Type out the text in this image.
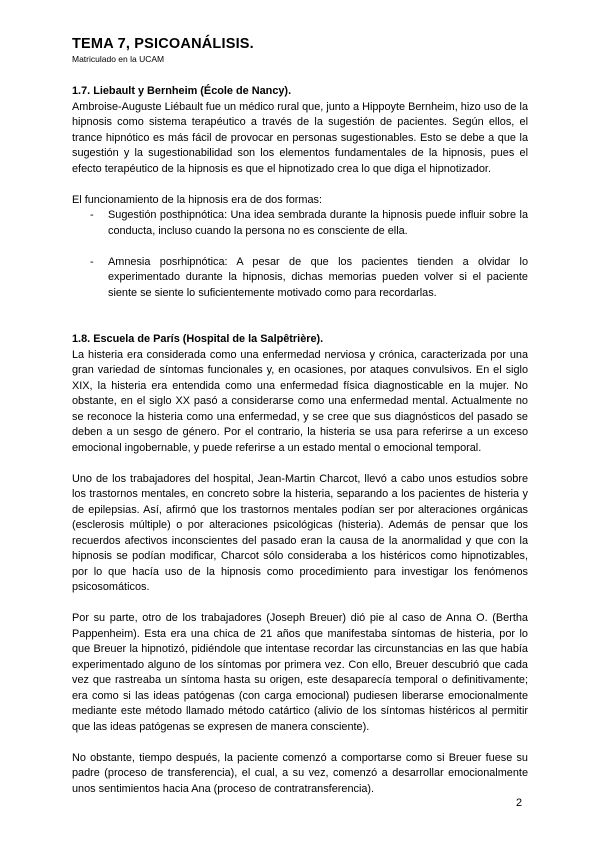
TEMA 7, PSICOANÁLISIS.
Matriculado en la UCAM
1.7. Liebault y Bernheim (École de Nancy).

Ambroise-Auguste Liébault fue un médico rural que, junto a Hippoyte Bernheim, hizo uso de la hipnosis como sistema terapéutico a través de la sugestión de pacientes. Según ellos, el trance hipnótico es más fácil de provocar en personas sugestionables. Esto se debe a que la sugestión y la sugestionabilidad son los elementos fundamentales de la hipnosis, pues el efecto terapéutico de la hipnosis es que el hipnotizado crea lo que diga el hipnotizador.

El funcionamiento de la hipnosis era de dos formas:

- Sugestión posthipnótica: Una idea sembrada durante la hipnosis puede influir sobre la conducta, incluso cuando la persona no es consciente de ella.
- Amnesia posrhipnótica: A pesar de que los pacientes tienden a olvidar lo experimentado durante la hipnosis, dichas memorias pueden volver si el paciente siente se siente lo suficientemente motivado como para recordarlas.
1.8. Escuela de París (Hospital de la Salpêtrière).

La histeria era considerada como una enfermedad nerviosa y crónica, caracterizada por una gran variedad de síntomas funcionales y, en ocasiones, por ataques convulsivos. En el siglo XIX, la histeria era entendida como una enfermedad física diagnosticable en la mujer. No obstante, en el siglo XX pasó a considerarse como una enfermedad mental. Actualmente no se reconoce la histeria como una enfermedad, y se cree que sus diagnósticos del pasado se deben a un sesgo de género. Por el contrario, la histeria se usa para referirse a un exceso emocional ingobernable, y puede referirse a un estado mental o emocional temporal.

Uno de los trabajadores del hospital, Jean-Martin Charcot, llevó a cabo unos estudios sobre los trastornos mentales, en concreto sobre la histeria, separando a los pacientes de histeria y de epilepsias. Así, afirmó que los trastornos mentales podían ser por alteraciones orgánicas (esclerosis múltiple) o por alteraciones psicológicas (histeria). Además de pensar que los recuerdos afectivos inconscientes del pasado eran la causa de la anormalidad y que con la hipnosis se podían modificar, Charcot sólo consideraba a los histéricos como hipnotizables, por lo que hacía uso de la hipnosis como procedimiento para investigar los fenómenos psicosomáticos.

Por su parte, otro de los trabajadores (Joseph Breuer) dió pie al caso de Anna O. (Bertha Pappenheim). Esta era una chica de 21 años que manifestaba síntomas de histeria, por lo que Breuer la hipnotizó, pidiéndole que intentase recordar las circunstancias en las que había experimentado alguno de los síntomas por primera vez. Con ello, Breuer descubrió que cada vez que rastreaba un síntoma hasta su origen, este desaparecía temporal o definitivamente; era como si las ideas patógenas (con carga emocional) pudiesen liberarse emocionalmente mediante este método llamado método catártico (alivio de los síntomas histéricos al permitir que las ideas patógenas se expresen de manera consciente).

No obstante, tiempo después, la paciente comenzó a comportarse como si Breuer fuese su padre (proceso de transferencia), el cual, a su vez, comenzó a desarrollar emocionalmente unos sentimientos hacia Ana (proceso de contratransferencia).

2
